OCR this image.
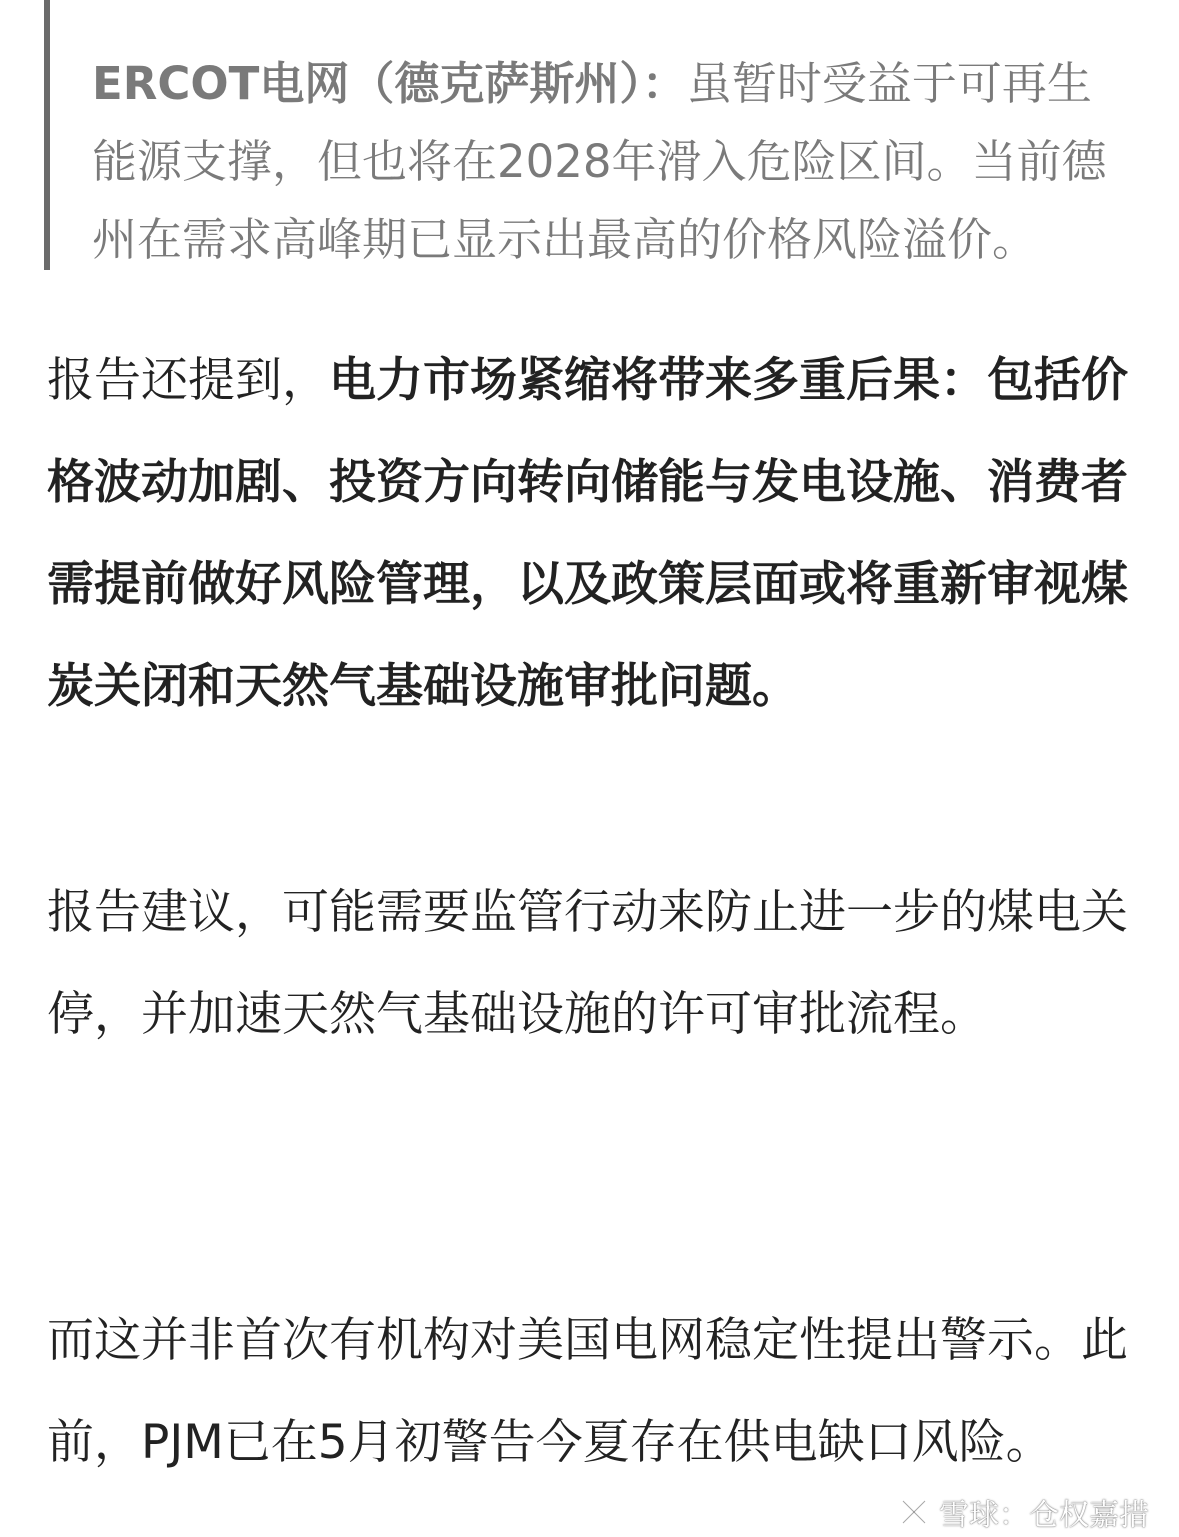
ERCOT电网（德克萨斯州）：虽暂时受益于可再生能源支撑，但也将在2028年滑入危险区间。当前德州在需求高峰期已显示出最高的价格风险溢价。
报告还提到，电力市场紧缩将带来多重后果：包括价格波动加剧、投资方向转向储能与发电设施、消费者需提前做好风险管理，以及政策层面或将重新审视煤炭关闭和天然气基础设施审批问题。
报告建议，可能需要监管行动来防止进一步的煤电关停，并加速天然气基础设施的许可审批流程。
而这并非首次有机构对美国电网稳定性提出警示。此前，PJM已在5月初警告今夏存在供电缺口风险。
雪球：仓权嘉措
